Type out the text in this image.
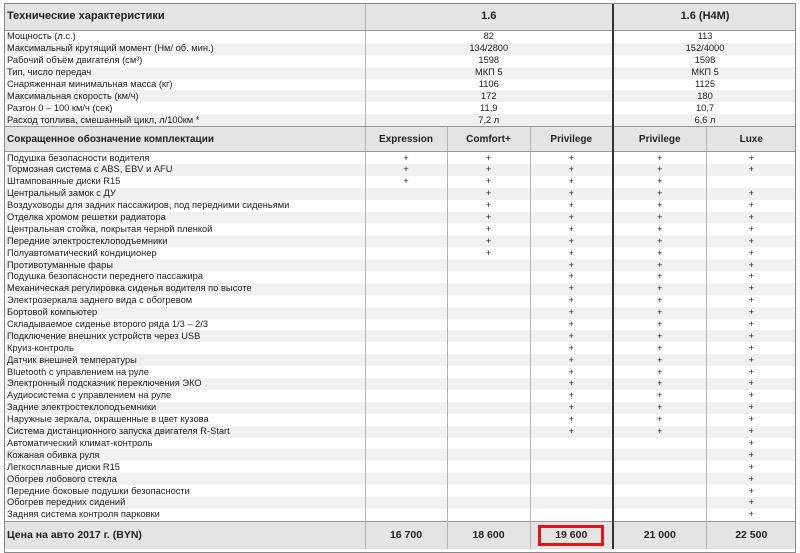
Технические характеристики	1.6			1.6 (H4M)	
Мощность (л.с.)	82			113	
Максимальный крутящий момент (Нм/ об. мин.)	134/2800			152/4000	
Рабочий объём двигателя (см³)	1598			1598	
Тип, число передач	МКП 5			МКП 5	
Снаряженная минимальная масса (кг)	1106			1125	
Максимальная скорость (км/ч)	172			180	
Разгон 0 – 100 км/ч (сек)	11,9			10,7	
Расход топлива, смешанный цикл, л/100км *	7,2 л			6,6 л	
Сокращенное обозначение комплектации	Expression	Comfort+	Privilege	Privilege	Luxe
Подушка безопасности водителя	+	+	+	+	+
Тормозная система с ABS, EBV и AFU	+	+	+	+	+
Штампованные диски R15	+	+	+	+	
Центральный замок с ДУ		+	+	+	+
Воздуховоды для задних пассажиров, под передними сиденьями		+	+	+	+
Отделка хромом решетки радиатора		+	+	+	+
Центральная стойка, покрытая черной пленкой		+	+	+	+
Передние электростеклоподъемники		+	+	+	+
Полуавтоматический кондиционер		+	+	+	+
Противотуманные фары			+	+	+
Подушка безопасности переднего пассажира			+	+	+
Механическая регулировка сиденья водителя по высоте			+	+	+
Электрозеркала заднего вида с обогревом			+	+	+
Бортовой компьютер			+	+	+
Складываемое сиденье второго ряда 1/3 – 2/3			+	+	+
Подключение внешних устройств через USB			+	+	+
Круиз-контроль			+	+	+
Датчик внешней температуры			+	+	+
Bluetooth с управлением на руле			+	+	+
Электронный подсказчик переключения ЭКО			+	+	+
Аудиосистема с управлением на руле			+	+	+
Задние электростеклоподъемники			+	+	+
Наружные зеркала, окрашенные в цвет кузова			+	+	+
Система дистанционного запуска двигателя R-Start			+	+	+
Автоматический климат-контроль					+
Кожаная обивка руля					+
Легкосплавные диски R15					+
Обогрев лобового стекла					+
Передние боковые подушки безопасности					+
Обогрев передних сидений					+
Задняя система контроля парковки					+
Цена на авто 2017 г. (BYN)	16 700	18 600	19 600	21 000	22 500
